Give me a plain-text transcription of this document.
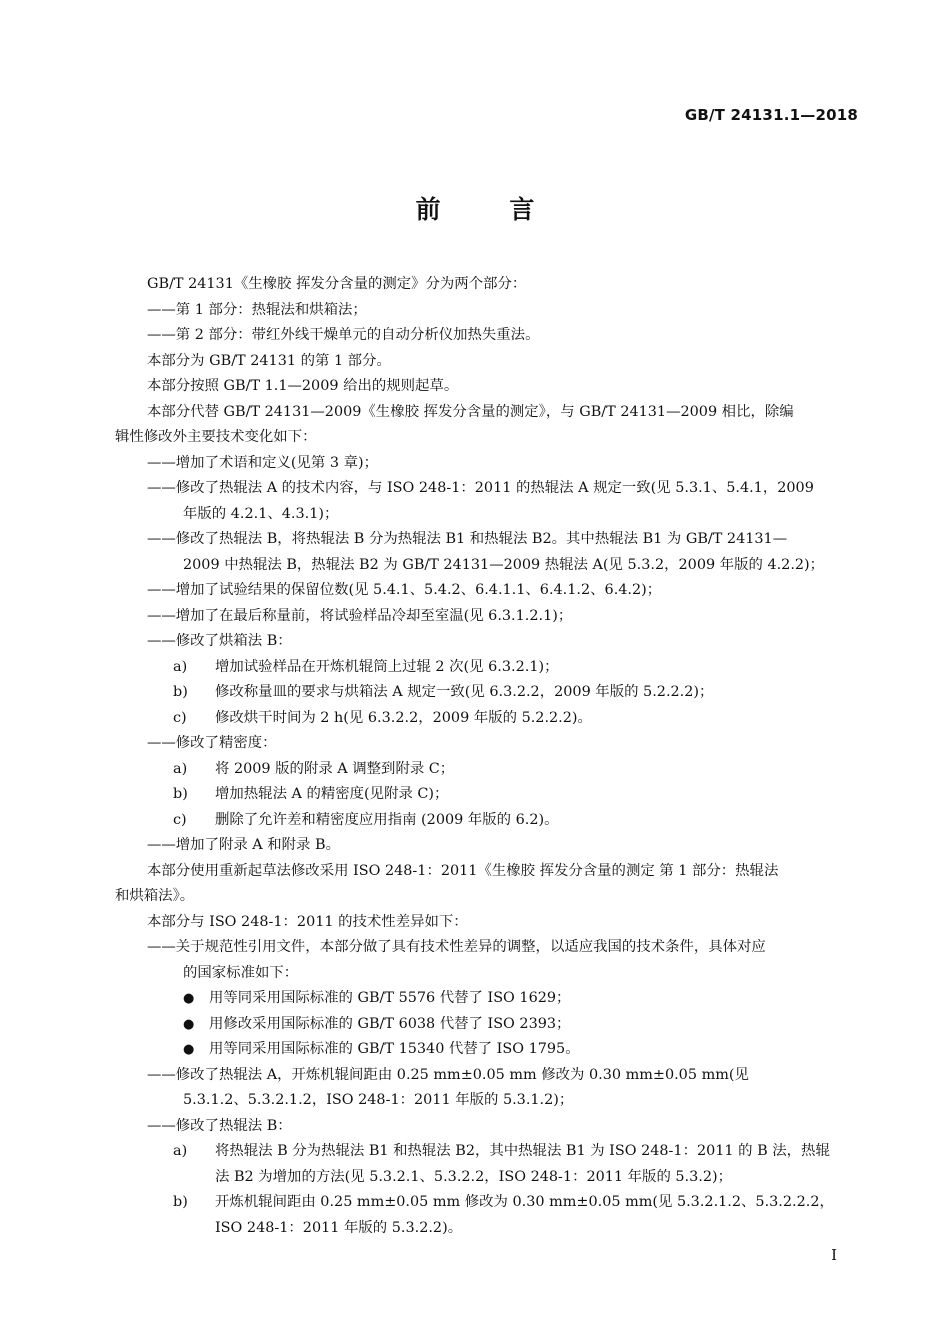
GB/T 24131.1—2018
前 言
GB/T 24131《生橡胶 挥发分含量的测定》分为两个部分：
——第 1 部分：热辊法和烘箱法；
——第 2 部分：带红外线干燥单元的自动分析仪加热失重法。
本部分为 GB/T 24131 的第 1 部分。
本部分按照 GB/T 1.1—2009 给出的规则起草。
本部分代替 GB/T 24131—2009《生橡胶 挥发分含量的测定》，与 GB/T 24131—2009 相比，除编
辑性修改外主要技术变化如下：
——增加了术语和定义(见第 3 章)；
——修改了热辊法 A 的技术内容，与 ISO 248-1：2011 的热辊法 A 规定一致(见 5.3.1、5.4.1，2009
年版的 4.2.1、4.3.1)；
——修改了热辊法 B，将热辊法 B 分为热辊法 B1 和热辊法 B2。其中热辊法 B1 为 GB/T 24131—
2009 中热辊法 B，热辊法 B2 为 GB/T 24131—2009 热辊法 A(见 5.3.2，2009 年版的 4.2.2)；
——增加了试验结果的保留位数(见 5.4.1、5.4.2、6.4.1.1、6.4.1.2、6.4.2)；
——增加了在最后称量前，将试验样品冷却至室温(见 6.3.1.2.1)；
——修改了烘箱法 B：
a) 增加试验样品在开炼机辊筒上过辊 2 次(见 6.3.2.1)；
b) 修改称量皿的要求与烘箱法 A 规定一致(见 6.3.2.2，2009 年版的 5.2.2.2)；
c) 修改烘干时间为 2 h(见 6.3.2.2，2009 年版的 5.2.2.2)。
——修改了精密度：
a) 将 2009 版的附录 A 调整到附录 C；
b) 增加热辊法 A 的精密度(见附录 C)；
c) 删除了允许差和精密度应用指南 (2009 年版的 6.2)。
——增加了附录 A 和附录 B。
本部分使用重新起草法修改采用 ISO 248-1：2011《生橡胶 挥发分含量的测定 第 1 部分：热辊法
和烘箱法》。
本部分与 ISO 248-1：2011 的技术性差异如下：
——关于规范性引用文件，本部分做了具有技术性差异的调整，以适应我国的技术条件，具体对应
的国家标准如下：
● 用等同采用国际标准的 GB/T 5576 代替了 ISO 1629；
● 用修改采用国际标准的 GB/T 6038 代替了 ISO 2393；
● 用等同采用国际标准的 GB/T 15340 代替了 ISO 1795。
——修改了热辊法 A，开炼机辊间距由 0.25 mm±0.05 mm 修改为 0.30 mm±0.05 mm(见
5.3.1.2、5.3.2.1.2，ISO 248-1：2011 年版的 5.3.1.2)；
——修改了热辊法 B：
a) 将热辊法 B 分为热辊法 B1 和热辊法 B2，其中热辊法 B1 为 ISO 248-1：2011 的 B 法，热辊
法 B2 为增加的方法(见 5.3.2.1、5.3.2.2，ISO 248-1：2011 年版的 5.3.2)；
b) 开炼机辊间距由 0.25 mm±0.05 mm 修改为 0.30 mm±0.05 mm(见 5.3.2.1.2、5.3.2.2.2，
ISO 248-1：2011 年版的 5.3.2.2)。
I
